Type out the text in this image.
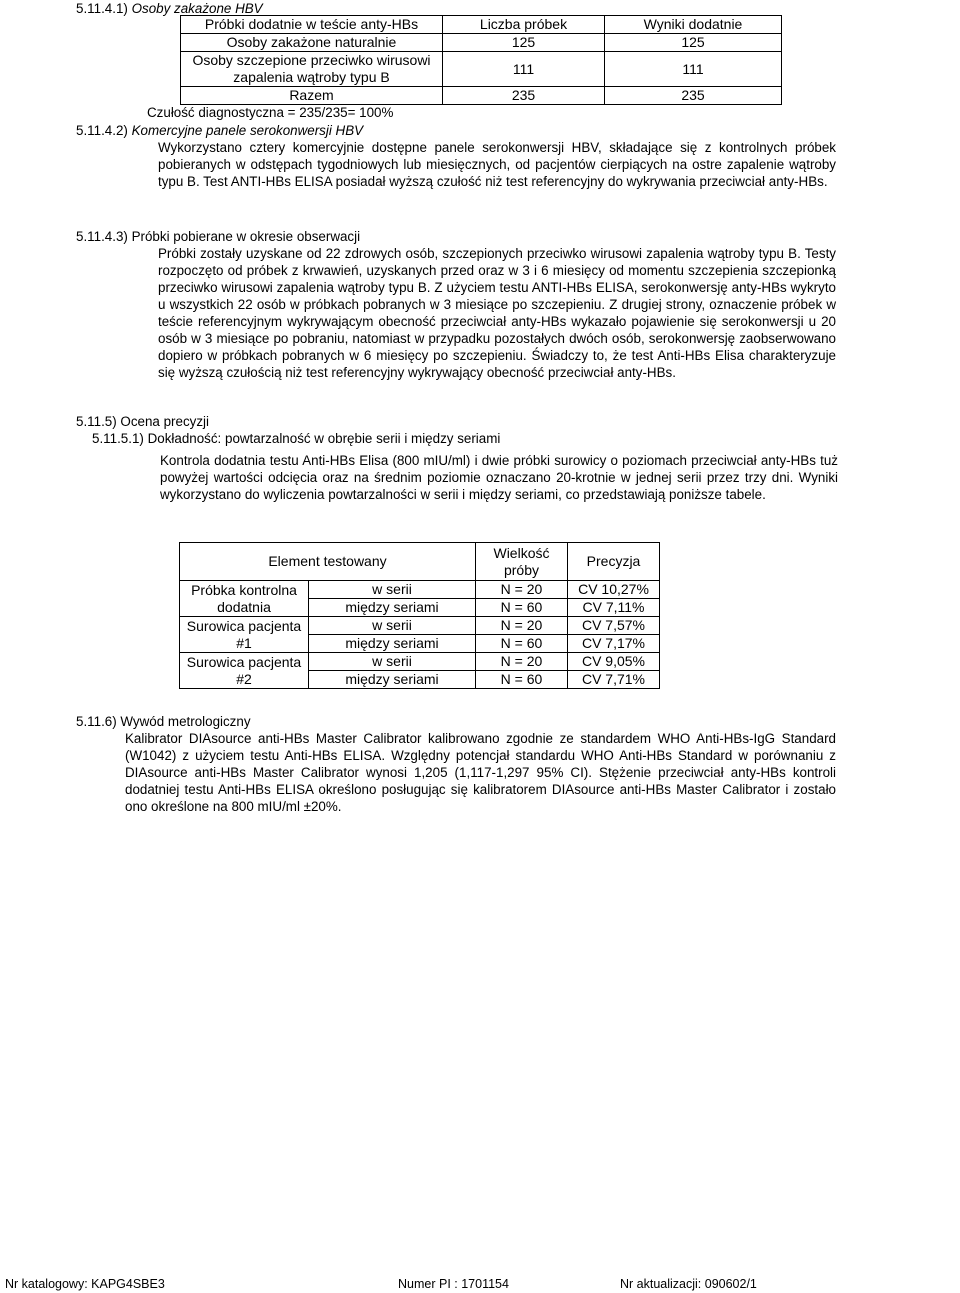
5.11.4.1) Osoby zakażone HBV
Próbki dodatnie w teście anty-HBs	Liczba próbek	Wyniki dodatnie
Osoby zakażone naturalnie	125	125
Osoby szczepione przeciwko wirusowi zapalenia wątroby typu B	111	111
Razem	235	235
Czułość diagnostyczna = 235/235= 100%
5.11.4.2) Komercyjne panele serokonwersji HBV
Wykorzystano cztery komercyjnie dostępne panele serokonwersji HBV, składające się z kontrolnych próbek pobieranych w odstępach tygodniowych lub miesięcznych, od pacjentów cierpiących na ostre zapalenie wątroby typu B. Test ANTI-HBs ELISA posiadał wyższą czułość niż test referencyjny do wykrywania przeciwciał anty-HBs.
5.11.4.3) Próbki pobierane w okresie obserwacji
Próbki zostały uzyskane od 22 zdrowych osób, szczepionych przeciwko wirusowi zapalenia wątroby typu B. Testy rozpoczęto od próbek z krwawień, uzyskanych przed oraz w 3 i 6 miesięcy od momentu szczepienia szczepionką przeciwko wirusowi zapalenia wątroby typu B. Z użyciem testu ANTI-HBs ELISA, serokonwersję anty-HBs wykryto u wszystkich 22 osób w próbkach pobranych w 3 miesiące po szczepieniu. Z drugiej strony, oznaczenie próbek w teście referencyjnym wykrywającym obecność przeciwciał anty-HBs wykazało pojawienie się serokonwersji u 20 osób w 3 miesiące po pobraniu, natomiast w przypadku pozostałych dwóch osób, serokonwersję zaobserwowano dopiero w próbkach pobranych w 6 miesięcy po szczepieniu. Świadczy to, że test Anti-HBs Elisa charakteryzuje się wyższą czułością niż test referencyjny wykrywający obecność przeciwciał anty-HBs.
5.11.5) Ocena precyzji
5.11.5.1) Dokładność: powtarzalność w obrębie serii i między seriami
Kontrola dodatnia testu Anti-HBs Elisa (800 mIU/ml) i dwie próbki surowicy o poziomach przeciwciał anty-HBs tuż powyżej wartości odcięcia oraz na średnim poziomie oznaczano 20-krotnie w jednej serii przez trzy dni. Wyniki wykorzystano do wyliczenia powtarzalności w serii i między seriami, co przedstawiają poniższe tabele.
Element testowany		Wielkość próby	Precyzja
Próbka kontrolna dodatnia	w serii	N = 20	CV 10,27%
	między seriami	N = 60	CV 7,11%
Surowica pacjenta #1	w serii	N = 20	CV 7,57%
	między seriami	N = 60	CV 7,17%
Surowica pacjenta #2	w serii	N = 20	CV 9,05%
	między seriami	N = 60	CV 7,71%
5.11.6) Wywód metrologiczny
Kalibrator DIAsource anti-HBs Master Calibrator kalibrowano zgodnie ze standardem WHO Anti-HBs-IgG Standard (W1042) z użyciem testu Anti-HBs ELISA. Względny potencjał standardu WHO Anti-HBs Standard w porównaniu z DIAsource anti-HBs Master Calibrator wynosi 1,205 (1,117-1,297 95% CI). Stężenie przeciwciał anty-HBs kontroli dodatniej testu Anti-HBs ELISA określono posługując się kalibratorem DIAsource anti-HBs Master Calibrator i zostało ono określone na 800 mIU/ml ±20%.
Nr katalogowy: KAPG4SBE3	Numer PI : 1701154	Nr aktualizacji: 090602/1
